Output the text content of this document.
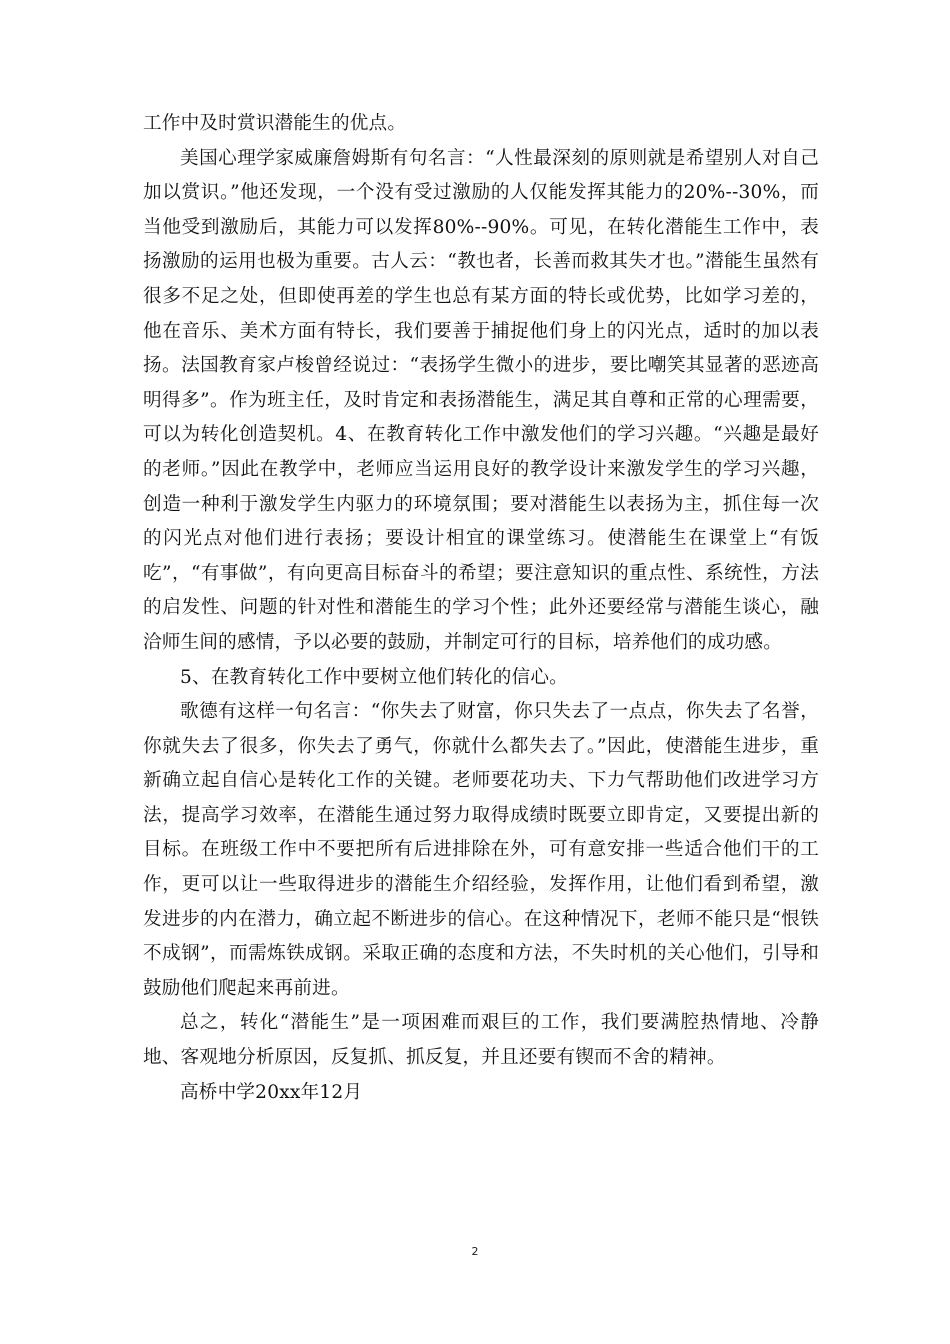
工作中及时赏识潜能生的优点。

美国心理学家威廉詹姆斯有句名言：“人性最深刻的原则就是希望别人对自己加以赏识。”他还发现，一个没有受过激励的人仅能发挥其能力的20%--30%，而当他受到激励后，其能力可以发挥80%--90%。可见，在转化潜能生工作中，表扬激励的运用也极为重要。古人云：“教也者，长善而救其失才也。”潜能生虽然有很多不足之处，但即使再差的学生也总有某方面的特长或优势，比如学习差的，他在音乐、美术方面有特长，我们要善于捕捉他们身上的闪光点，适时的加以表扬。法国教育家卢梭曾经说过：“表扬学生微小的进步，要比嘲笑其显著的恶迹高明得多”。作为班主任，及时肯定和表扬潜能生，满足其自尊和正常的心理需要，可以为转化创造契机。4、在教育转化工作中激发他们的学习兴趣。“兴趣是最好的老师。”因此在教学中，老师应当运用良好的教学设计来激发学生的学习兴趣，创造一种利于激发学生内驱力的环境氛围；要对潜能生以表扬为主，抓住每一次的闪光点对他们进行表扬；要设计相宜的课堂练习。使潜能生在课堂上“有饭吃”，“有事做”，有向更高目标奋斗的希望；要注意知识的重点性、系统性，方法的启发性、问题的针对性和潜能生的学习个性；此外还要经常与潜能生谈心，融洽师生间的感情，予以必要的鼓励，并制定可行的目标，培养他们的成功感。

5、在教育转化工作中要树立他们转化的信心。

歌德有这样一句名言：“你失去了财富，你只失去了一点点，你失去了名誉，你就失去了很多，你失去了勇气，你就什么都失去了。”因此，使潜能生进步，重新确立起自信心是转化工作的关键。老师要花功夫、下力气帮助他们改进学习方法，提高学习效率，在潜能生通过努力取得成绩时既要立即肯定，又要提出新的目标。在班级工作中不要把所有后进排除在外，可有意安排一些适合他们干的工作，更可以让一些取得进步的潜能生介绍经验，发挥作用，让他们看到希望，激发进步的内在潜力，确立起不断进步的信心。在这种情况下，老师不能只是“恨铁不成钢”，而需炼铁成钢。采取正确的态度和方法，不失时机的关心他们，引导和鼓励他们爬起来再前进。

总之，转化“潜能生”是一项困难而艰巨的工作，我们要满腔热情地、冷静地、客观地分析原因，反复抓、抓反复，并且还要有锲而不舍的精神。

高桥中学20xx年12月

2
